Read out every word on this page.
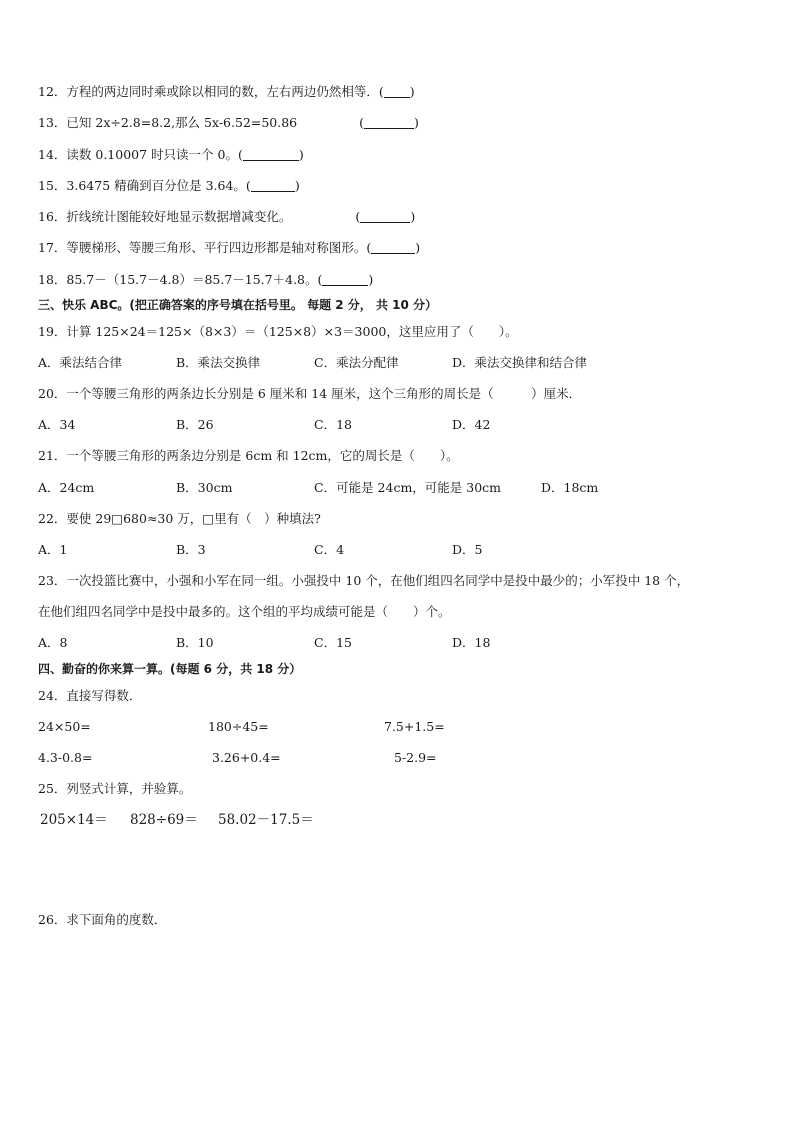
12．方程的两边同时乘或除以相同的数，左右两边仍然相等．( )
13．已知 2x÷2.8=8.2,那么 5x-6.52=50.86	(	)
14．读数 0.10007 时只读一个 0。(	)
15．3.6475 精确到百分位是 3.64。(	)
16．折线统计图能较好地显示数据增减变化。	(	)
17．等腰梯形、等腰三角形、平行四边形都是轴对称图形。(	)
18．85.7－（15.7－4.8）＝85.7－15.7＋4.8。(	)
三、快乐 ABC。(把正确答案的序号填在括号里。 每题 2 分， 共 10 分）
19．计算 125×24＝125×（8×3）＝（125×8）×3＝3000，这里应用了（　　）。
A．乘法结合律	B．乘法交换律	C．乘法分配律	D．乘法交换律和结合律
20．一个等腰三角形的两条边长分别是 6 厘米和 14 厘米，这个三角形的周长是（　　　）厘米．
A．34	B．26	C．18	D．42
21．一个等腰三角形的两条边分别是 6cm 和 12cm，它的周长是（　　）。
A．24cm	B．30cm	C．可能是 24cm，可能是 30cm	D．18cm
22．要使 29□680≈30 万，□里有（　）种填法?
A．1	B．3	C．4	D．5
23．一次投篮比赛中，小强和小军在同一组。小强投中 10 个，在他们组四名同学中是投中最少的；小军投中 18 个，
在他们组四名同学中是投中最多的。这个组的平均成绩可能是（　　）个。
A．8	B．10	C．15	D．18
四、勤奋的你来算一算。(每题 6 分，共 18 分）
24．直接写得数．
24×50=	180÷45=	7.5+1.5=
4.3-0.8=	3.26+0.4=	5-2.9=
25．列竖式计算，并验算。
205×14＝ 828÷69＝ 58.02－17.5＝
26．求下面角的度数．
